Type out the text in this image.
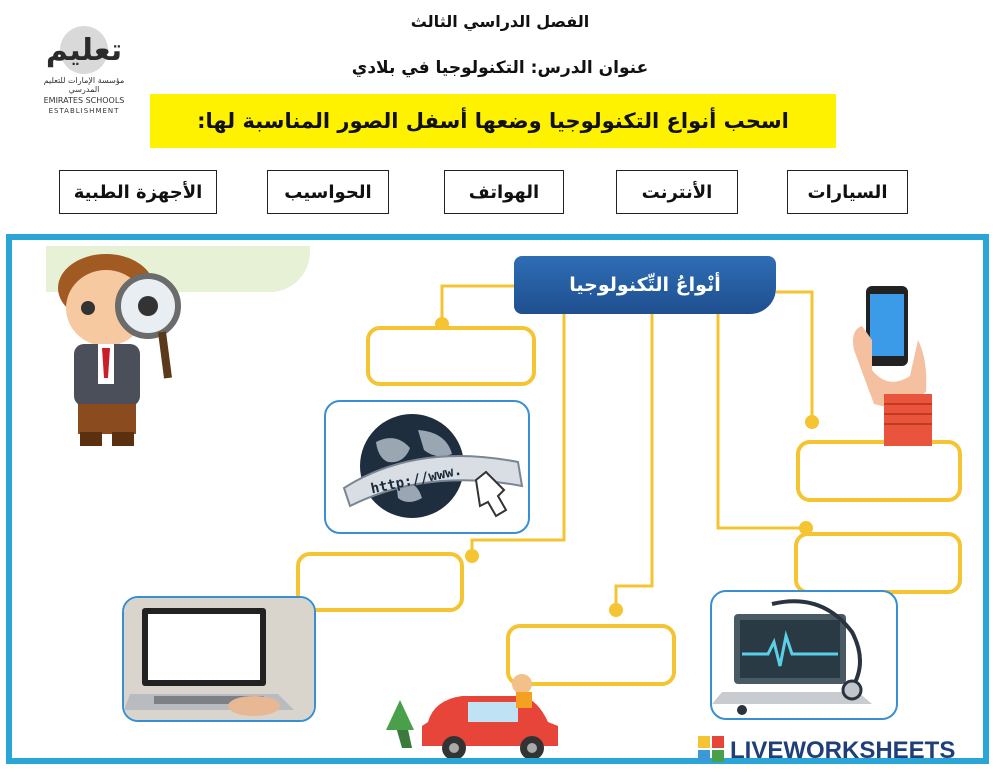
تعليم
مؤسسة الإمارات للتعليم المدرسي
EMIRATES SCHOOLS
ESTABLISHMENT
الفصل الدراسي الثالث
عنوان الدرس: التكنولوجيا في بلادي
اسحب أنواع التكنولوجيا وضعها أسفل الصور المناسبة لها:
الأجهزة الطبية	الحواسيب	الهواتف	الأنترنت	السيارات
أنْواعُ التِّكنولوجيا
http://www.
LIVEWORKSHEETS
